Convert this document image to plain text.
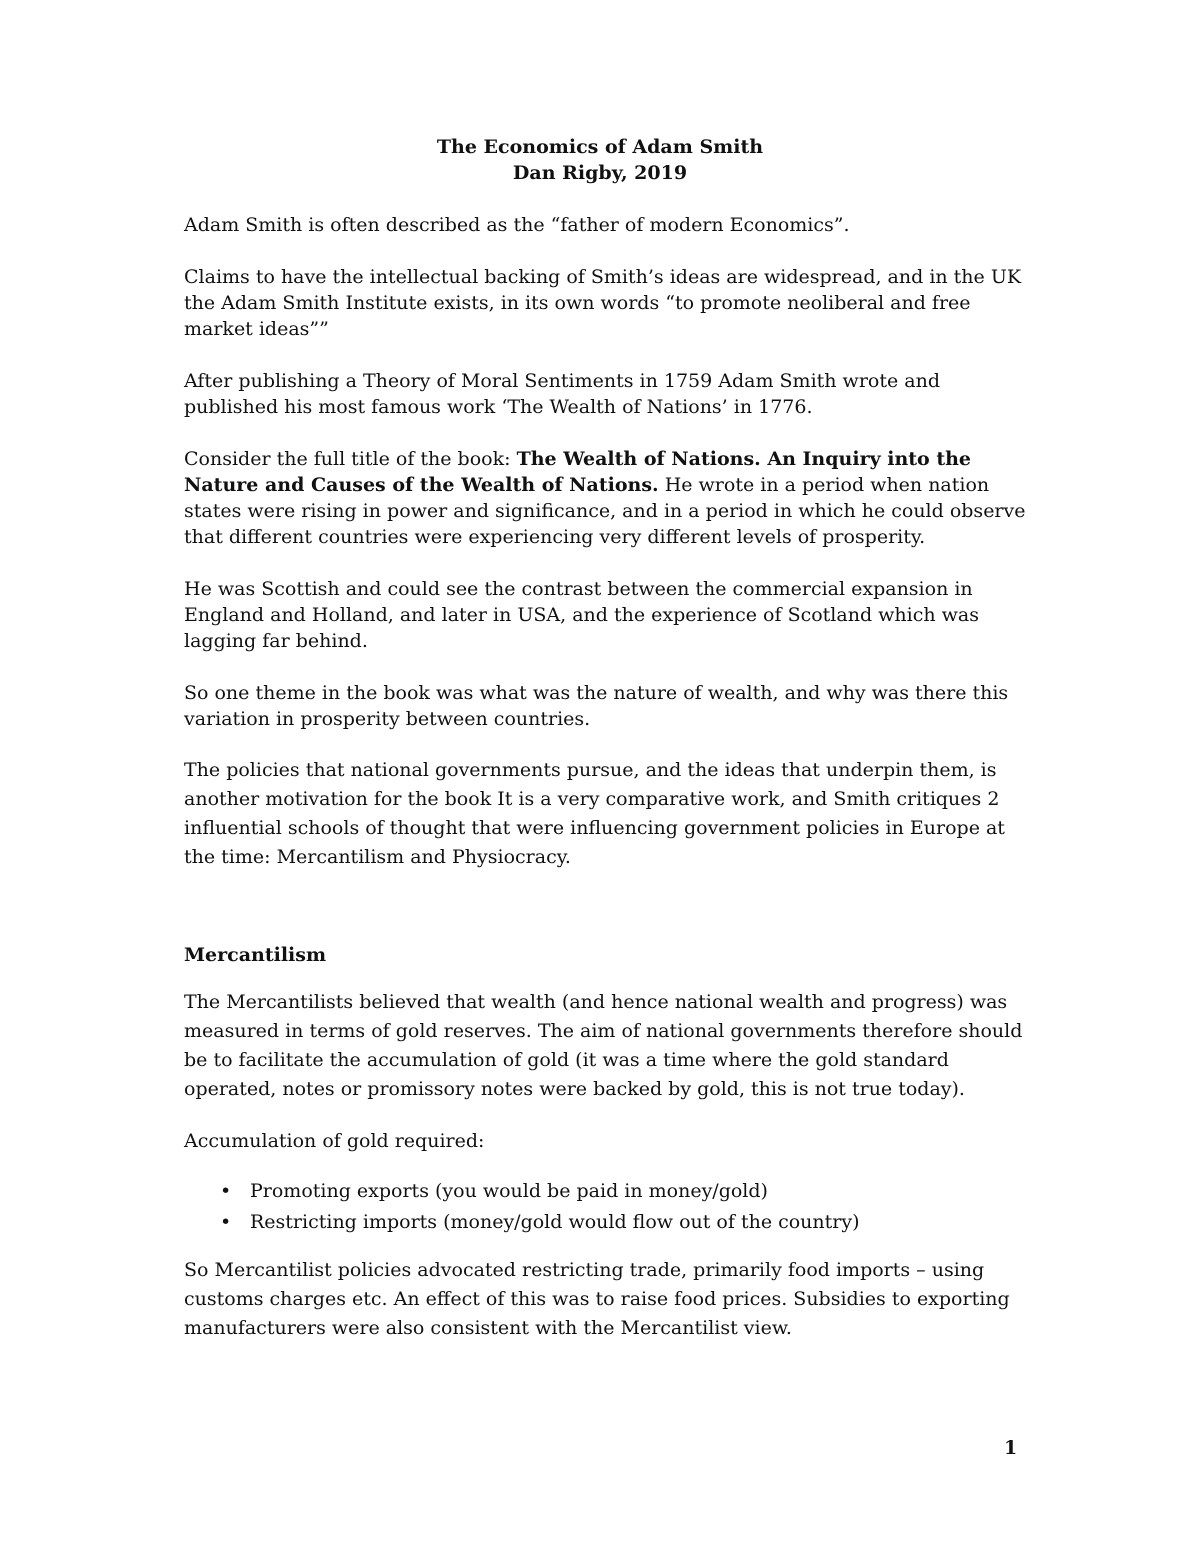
The Economics of Adam Smith
Dan Rigby, 2019

Adam Smith is often described as the “father of modern Economics”.

Claims to have the intellectual backing of Smith’s ideas are widespread, and in the UK the Adam Smith Institute exists, in its own words “to promote neoliberal and free market ideas””

After publishing a Theory of Moral Sentiments in 1759 Adam Smith wrote and published his most famous work ‘The Wealth of Nations’ in 1776.

Consider the full title of the book: The Wealth of Nations. An Inquiry into the Nature and Causes of the Wealth of Nations. He wrote in a period when nation states were rising in power and significance, and in a period in which he could observe that different countries were experiencing very different levels of prosperity.

He was Scottish and could see the contrast between the commercial expansion in England and Holland, and later in USA, and the experience of Scotland which was lagging far behind.

So one theme in the book was what was the nature of wealth, and why was there this variation in prosperity between countries.

The policies that national governments pursue, and the ideas that underpin them, is another motivation for the book It is a very comparative work, and Smith critiques 2 influential schools of thought that were influencing government policies in Europe at the time: Mercantilism and Physiocracy.

Mercantilism

The Mercantilists believed that wealth (and hence national wealth and progress) was measured in terms of gold reserves. The aim of national governments therefore should be to facilitate the accumulation of gold (it was a time where the gold standard operated, notes or promissory notes were backed by gold, this is not true today).

Accumulation of gold required:

• Promoting exports (you would be paid in money/gold)
• Restricting imports (money/gold would flow out of the country)

So Mercantilist policies advocated restricting trade, primarily food imports – using customs charges etc. An effect of this was to raise food prices. Subsidies to exporting manufacturers were also consistent with the Mercantilist view.

1
